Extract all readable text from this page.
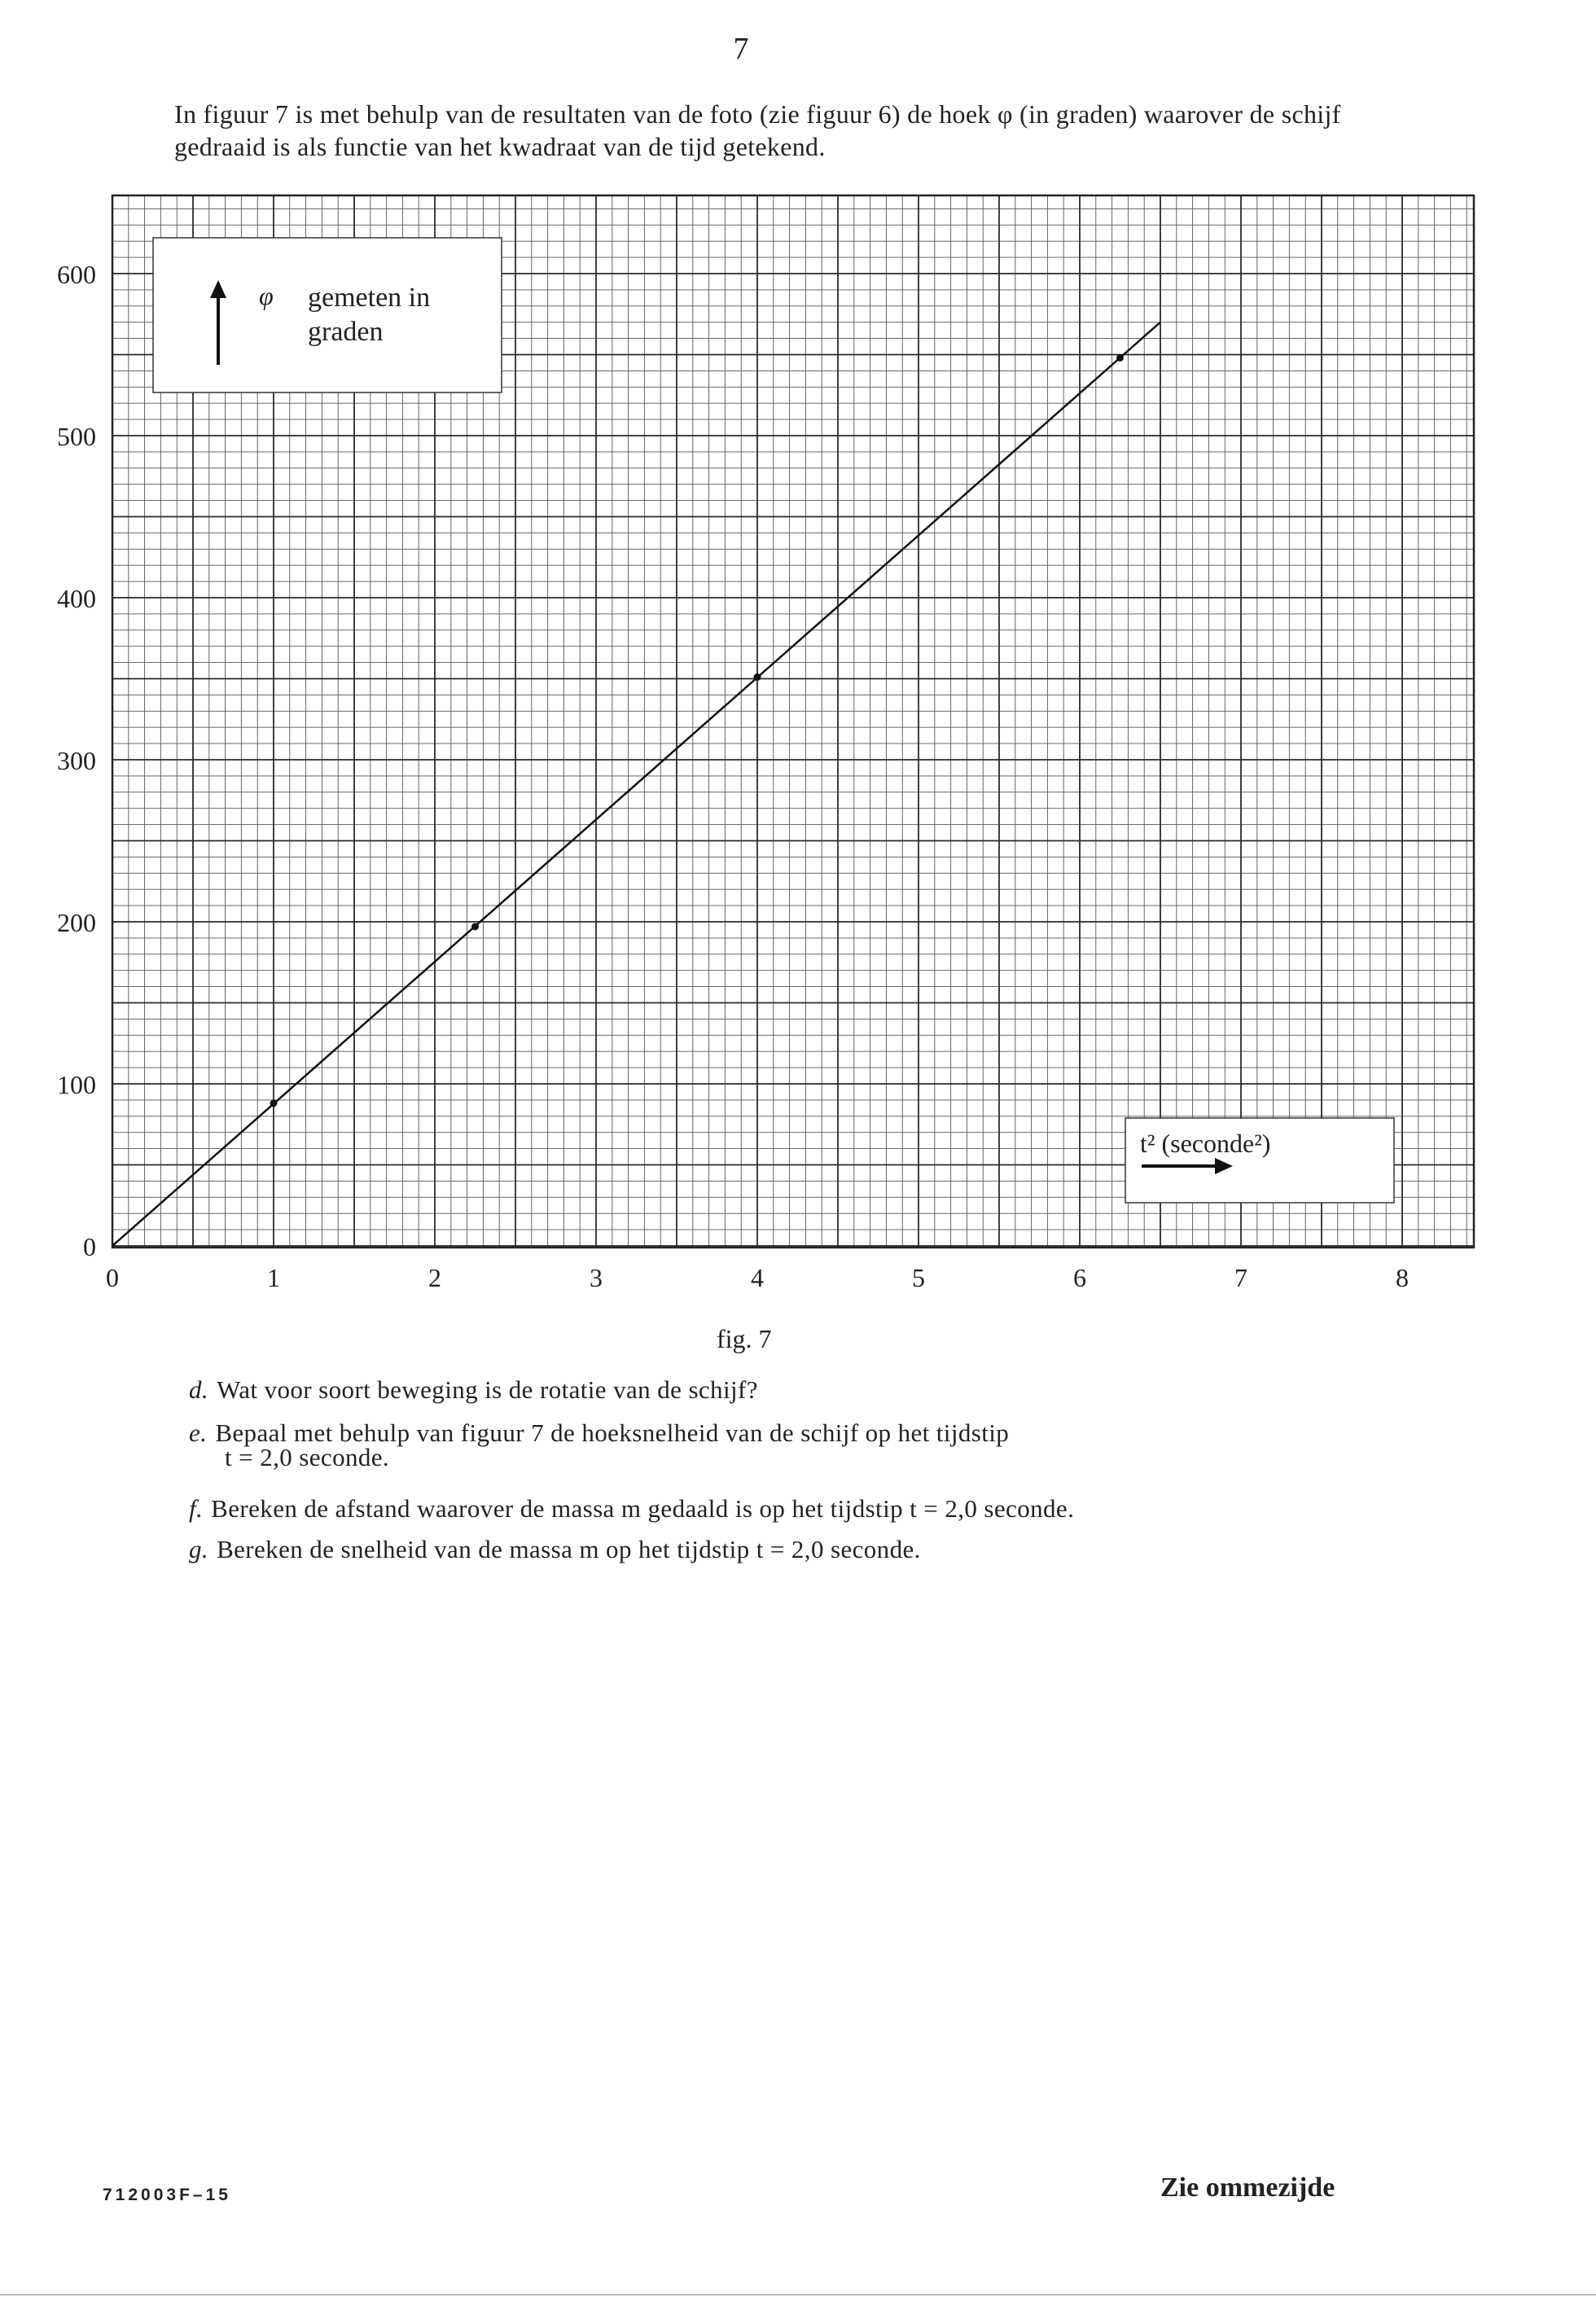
7
In figuur 7 is met behulp van de resultaten van de foto (zie figuur 6) de hoek φ (in graden) waarover de schijf gedraaid is als functie van het kwadraat van de tijd getekend.
0	1	2	3	4	5	6	7	8
0
100
200
300
400
500
600
φ gemeten in
graden
t² (seconde²)
fig. 7
d. Wat voor soort beweging is de rotatie van de schijf?
e. Bepaal met behulp van figuur 7 de hoeksnelheid van de schijf op het tijdstip
t = 2,0 seconde.
f. Bereken de afstand waarover de massa m gedaald is op het tijdstip t = 2,0 seconde.
g. Bereken de snelheid van de massa m op het tijdstip t = 2,0 seconde.
712003F–15	Zie ommezijde
